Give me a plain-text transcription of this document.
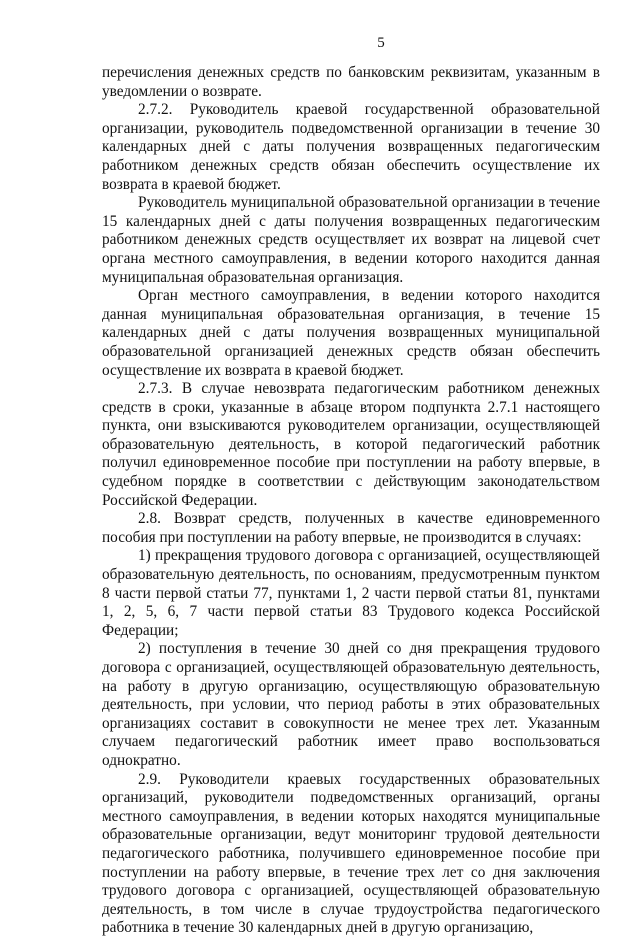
5

перечисления денежных средств по банковским реквизитам, указанным в уведомлении о возврате.

2.7.2. Руководитель краевой государственной образовательной организации, руководитель подведомственной организации в течение 30 календарных дней с даты получения возвращенных педагогическим работником денежных средств обязан обеспечить осуществление их возврата в краевой бюджет.

Руководитель муниципальной образовательной организации в течение 15 календарных дней с даты получения возвращенных педагогическим работником денежных средств осуществляет их возврат на лицевой счет органа местного самоуправления, в ведении которого находится данная муниципальная образовательная организация.

Орган местного самоуправления, в ведении которого находится данная муниципальная образовательная организация, в течение 15 календарных дней с даты получения возвращенных муниципальной образовательной организацией денежных средств обязан обеспечить осуществление их возврата в краевой бюджет.

2.7.3. В случае невозврата педагогическим работником денежных средств в сроки, указанные в абзаце втором подпункта 2.7.1 настоящего пункта, они взыскиваются руководителем организации, осуществляющей образовательную деятельность, в которой педагогический работник получил единовременное пособие при поступлении на работу впервые, в судебном порядке в соответствии с действующим законодательством Российской Федерации.

2.8. Возврат средств, полученных в качестве единовременного пособия при поступлении на работу впервые, не производится в случаях:

1) прекращения трудового договора с организацией, осуществляющей образовательную деятельность, по основаниям, предусмотренным пунктом 8 части первой статьи 77, пунктами 1, 2 части первой статьи 81, пунктами 1, 2, 5, 6, 7 части первой статьи 83 Трудового кодекса Российской Федерации;

2) поступления в течение 30 дней со дня прекращения трудового договора с организацией, осуществляющей образовательную деятельность, на работу в другую организацию, осуществляющую образовательную деятельность, при условии, что период работы в этих образовательных организациях составит в совокупности не менее трех лет. Указанным случаем педагогический работник имеет право воспользоваться однократно.

2.9. Руководители краевых государственных образовательных организаций, руководители подведомственных организаций, органы местного самоуправления, в ведении которых находятся муниципальные образовательные организации, ведут мониторинг трудовой деятельности педагогического работника, получившего единовременное пособие при поступлении на работу впервые, в течение трех лет со дня заключения трудового договора с организацией, осуществляющей образовательную деятельность, в том числе в случае трудоустройства педагогического работника в течение 30 календарных дней в другую организацию,
